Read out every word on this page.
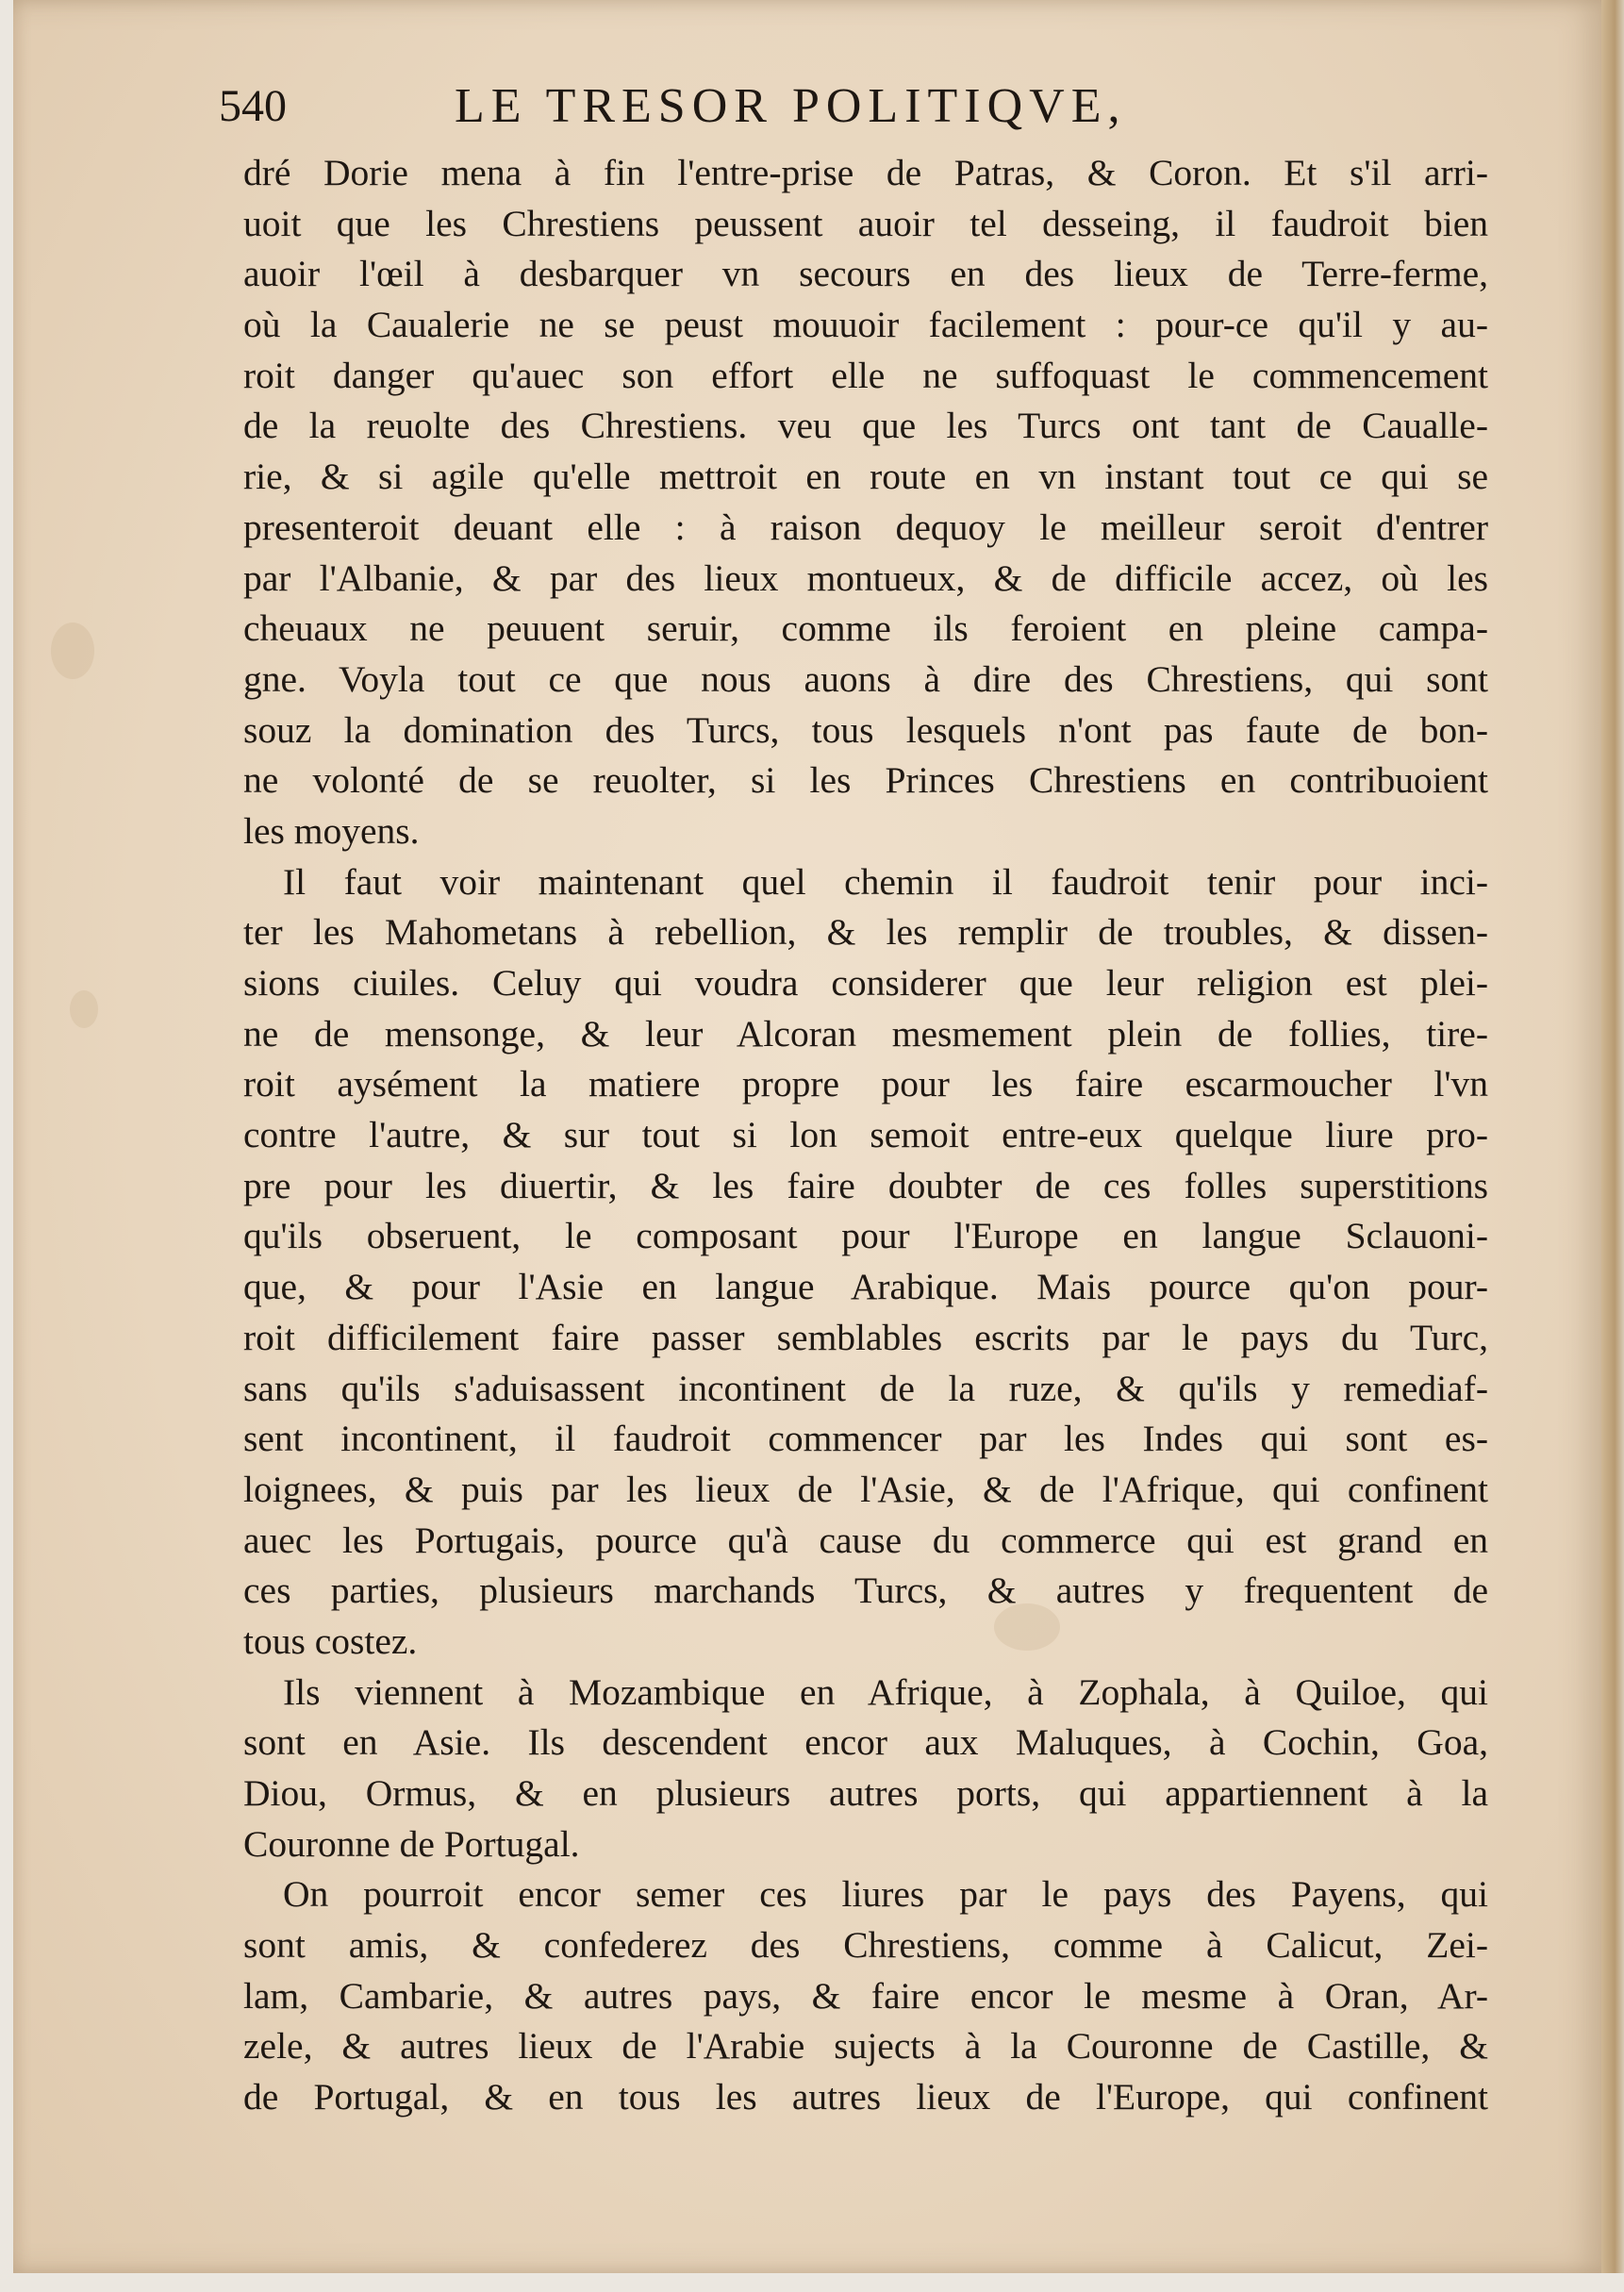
540	LE TRESOR POLITIQVE,
dré Dorie mena à fin l'entre-prise de Patras, & Coron. Et s'il arri-
uoit que les Chrestiens peussent auoir tel desseing, il faudroit bien
auoir l'œil à desbarquer vn secours en des lieux de Terre-ferme,
où la Caualerie ne se peust mouuoir facilement : pour-ce qu'il y au-
roit danger qu'auec son effort elle ne suffoquast le commencement
de la reuolte des Chrestiens. veu que les Turcs ont tant de Caualle-
rie, & si agile qu'elle mettroit en route en vn instant tout ce qui se
presenteroit deuant elle : à raison dequoy le meilleur seroit d'entrer
par l'Albanie, & par des lieux montueux, & de difficile accez, où les
cheuaux ne peuuent seruir, comme ils feroient en pleine campa-
gne. Voyla tout ce que nous auons à dire des Chrestiens, qui sont
souz la domination des Turcs, tous lesquels n'ont pas faute de bon-
ne volonté de se reuolter, si les Princes Chrestiens en contribuoient
les moyens.
Il faut voir maintenant quel chemin il faudroit tenir pour inci-
ter les Mahometans à rebellion, & les remplir de troubles, & dissen-
sions ciuiles. Celuy qui voudra considerer que leur religion est plei-
ne de mensonge, & leur Alcoran mesmement plein de follies, tire-
roit aysément la matiere propre pour les faire escarmoucher l'vn
contre l'autre, & sur tout si lon semoit entre-eux quelque liure pro-
pre pour les diuertir, & les faire doubter de ces folles superstitions
qu'ils obseruent, le composant pour l'Europe en langue Sclauoni-
que, & pour l'Asie en langue Arabique. Mais pource qu'on pour-
roit difficilement faire passer semblables escrits par le pays du Turc,
sans qu'ils s'aduisassent incontinent de la ruze, & qu'ils y remediaf-
sent incontinent, il faudroit commencer par les Indes qui sont es-
loignees, & puis par les lieux de l'Asie, & de l'Afrique, qui confinent
auec les Portugais, pource qu'à cause du commerce qui est grand en
ces parties, plusieurs marchands Turcs, & autres y frequentent de
tous costez.
Ils viennent à Mozambique en Afrique, à Zophala, à Quiloe, qui
sont en Asie. Ils descendent encor aux Maluques, à Cochin, Goa,
Diou, Ormus, & en plusieurs autres ports, qui appartiennent à la
Couronne de Portugal.
On pourroit encor semer ces liures par le pays des Payens, qui
sont amis, & confederez des Chrestiens, comme à Calicut, Zei-
lam, Cambarie, & autres pays, & faire encor le mesme à Oran, Ar-
zele, & autres lieux de l'Arabie sujects à la Couronne de Castille, &
de Portugal, & en tous les autres lieux de l'Europe, qui confinent
